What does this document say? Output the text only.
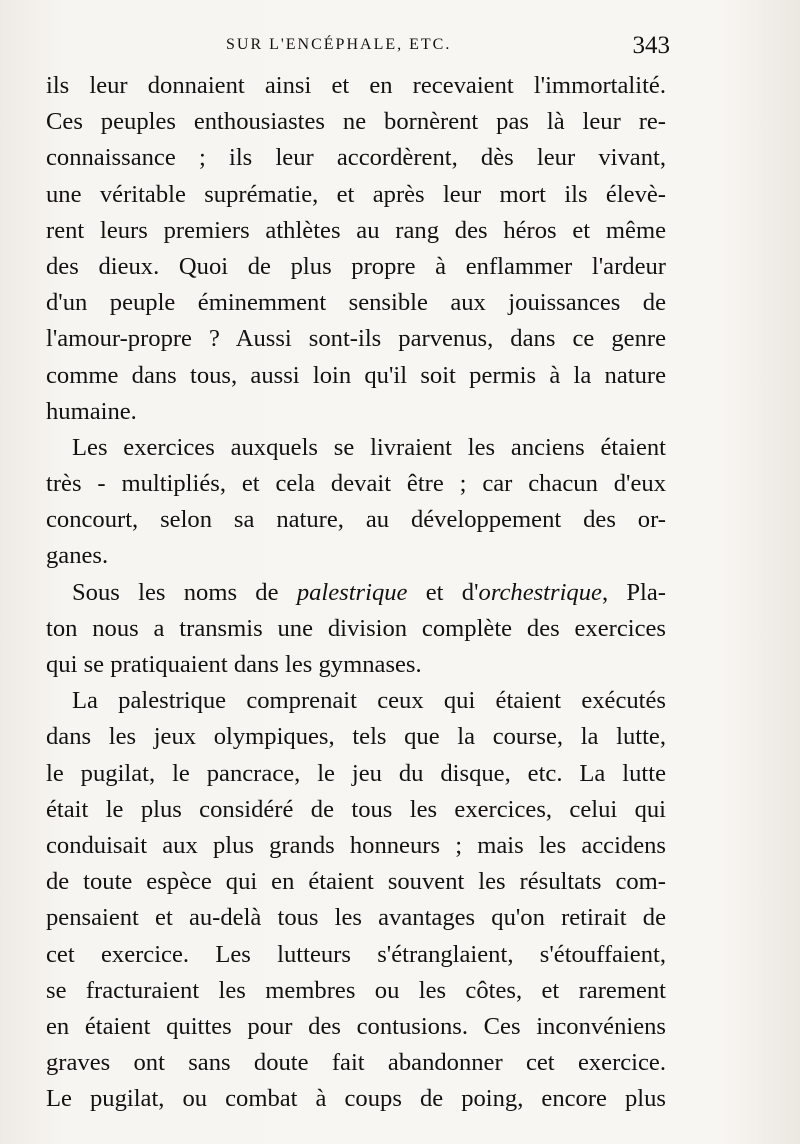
SUR L'ENCÉPHALE, ETC.	343
ils leur donnaient ainsi et en recevaient l'immortalité.
Ces peuples enthousiastes ne bornèrent pas là leur re-
connaissance ; ils leur accordèrent, dès leur vivant,
une véritable suprématie, et après leur mort ils élevè-
rent leurs premiers athlètes au rang des héros et même
des dieux. Quoi de plus propre à enflammer l'ardeur
d'un peuple éminemment sensible aux jouissances de
l'amour-propre ? Aussi sont-ils parvenus, dans ce genre
comme dans tous, aussi loin qu'il soit permis à la nature
humaine.
Les exercices auxquels se livraient les anciens étaient
très - multipliés, et cela devait être ; car chacun d'eux
concourt, selon sa nature, au développement des or-
ganes.
Sous les noms de palestrique et d'orchestrique, Pla-
ton nous a transmis une division complète des exercices
qui se pratiquaient dans les gymnases.
La palestrique comprenait ceux qui étaient exécutés
dans les jeux olympiques, tels que la course, la lutte,
le pugilat, le pancrace, le jeu du disque, etc. La lutte
était le plus considéré de tous les exercices, celui qui
conduisait aux plus grands honneurs ; mais les accidens
de toute espèce qui en étaient souvent les résultats com-
pensaient et au-delà tous les avantages qu'on retirait de
cet exercice. Les lutteurs s'étranglaient, s'étouffaient,
se fracturaient les membres ou les côtes, et rarement
en étaient quittes pour des contusions. Ces inconvéniens
graves ont sans doute fait abandonner cet exercice.
Le pugilat, ou combat à coups de poing, encore plus
